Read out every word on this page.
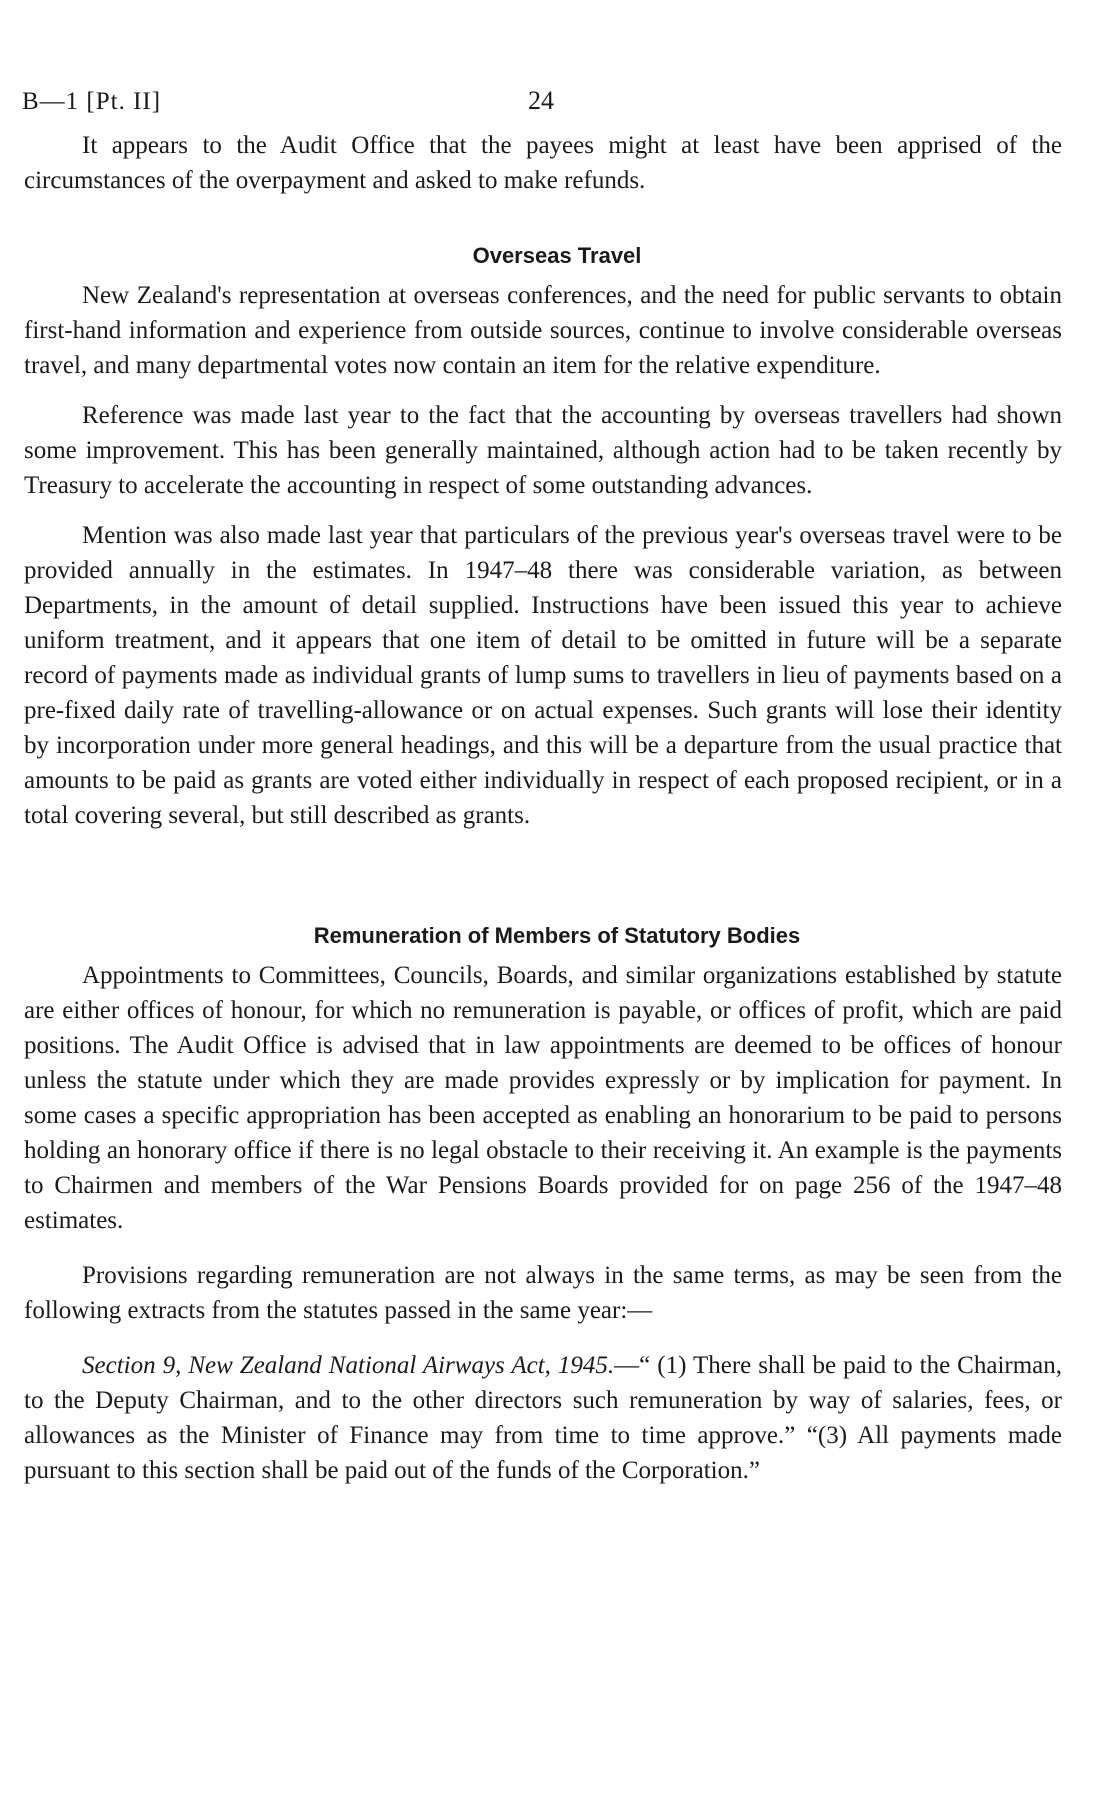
B—1 [Pt. II]	24

It appears to the Audit Office that the payees might at least have been apprised of the circumstances of the overpayment and asked to make refunds.

Overseas Travel

New Zealand's representation at overseas conferences, and the need for public servants to obtain first-hand information and experience from outside sources, continue to involve considerable overseas travel, and many departmental votes now contain an item for the relative expenditure.

Reference was made last year to the fact that the accounting by overseas travellers had shown some improvement. This has been generally maintained, although action had to be taken recently by Treasury to accelerate the accounting in respect of some outstanding advances.

Mention was also made last year that particulars of the previous year's overseas travel were to be provided annually in the estimates. In 1947–48 there was considerable variation, as between Departments, in the amount of detail supplied. Instructions have been issued this year to achieve uniform treatment, and it appears that one item of detail to be omitted in future will be a separate record of payments made as individual grants of lump sums to travellers in lieu of payments based on a pre-fixed daily rate of travelling-allowance or on actual expenses. Such grants will lose their identity by incorporation under more general headings, and this will be a departure from the usual practice that amounts to be paid as grants are voted either individually in respect of each proposed recipient, or in a total covering several, but still described as grants.

Remuneration of Members of Statutory Bodies

Appointments to Committees, Councils, Boards, and similar organizations established by statute are either offices of honour, for which no remuneration is payable, or offices of profit, which are paid positions. The Audit Office is advised that in law appointments are deemed to be offices of honour unless the statute under which they are made provides expressly or by implication for payment. In some cases a specific appropriation has been accepted as enabling an honorarium to be paid to persons holding an honorary office if there is no legal obstacle to their receiving it. An example is the payments to Chairmen and members of the War Pensions Boards provided for on page 256 of the 1947–48 estimates.

Provisions regarding remuneration are not always in the same terms, as may be seen from the following extracts from the statutes passed in the same year:—

Section 9, New Zealand National Airways Act, 1945.—“ (1) There shall be paid to the Chairman, to the Deputy Chairman, and to the other directors such remuneration by way of salaries, fees, or allowances as the Minister of Finance may from time to time approve.” “(3) All payments made pursuant to this section shall be paid out of the funds of the Corporation.”
